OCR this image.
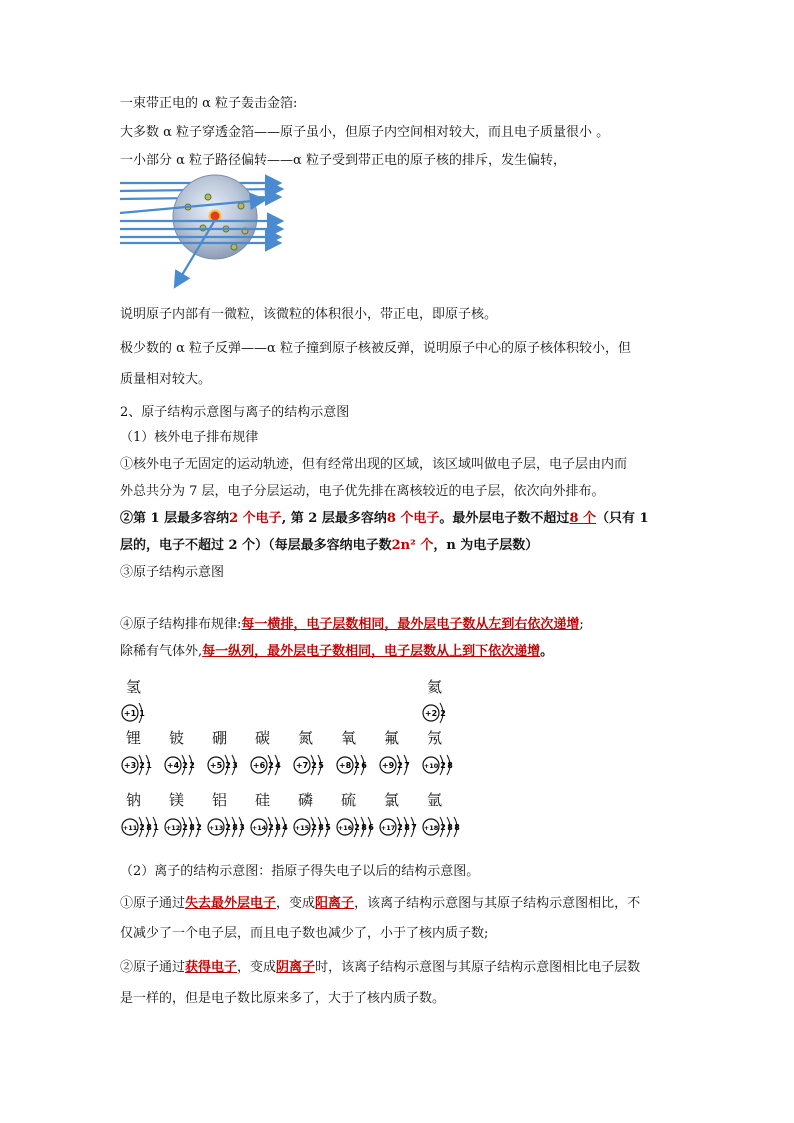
一束带正电的 α 粒子轰击金箔:
大多数 α 粒子穿透金箔——原子虽小，但原子内空间相对较大，而且电子质量很小 。
一小部分 α 粒子路径偏转——α 粒子受到带正电的原子核的排斥，发生偏转，
说明原子内部有一微粒，该微粒的体积很小，带正电，即原子核。
极少数的 α 粒子反弹——α 粒子撞到原子核被反弹，说明原子中心的原子核体积较小，但
质量相对较大。
2、原子结构示意图与离子的结构示意图
（1）核外电子排布规律
①核外电子无固定的运动轨迹，但有经常出现的区域，该区域叫做电子层，电子层由内而
外总共分为 7 层，电子分层运动，电子优先排在离核较近的电子层，依次向外排布。
②第 1 层最多容纳2 个电子, 第 2 层最多容纳8 个电子。最外层电子数不超过8 个（只有 1
层的，电子不超过 2 个）（每层最多容纳电子数2n² 个，n 为电子层数）
③原子结构示意图
④原子结构排布规律:每一横排，电子层数相同，最外层电子数从左到右依次递增;
除稀有气体外,每一纵列，最外层电子数相同，电子层数从上到下依次递增。
氢
+1 1
氦
+2 2
锂
+3 2 1
铍
+4 2 2
硼
+5 2 3
碳
+6 2 4
氮
+7 2 5
氧
+8 2 6
氟
+9 2 7
氖
+10 2 8
钠
+11 2 8 1
镁
+12 2 8 2
铝
+13 2 8 3
硅
+14 2 8 4
磷
+15 2 8 5
硫
+16 2 8 6
氯
+17 2 8 7
氩
+18 2 8 8
（2）离子的结构示意图：指原子得失电子以后的结构示意图。
①原子通过失去最外层电子，变成阳离子，该离子结构示意图与其原子结构示意图相比，不
仅减少了一个电子层，而且电子数也减少了，小于了核内质子数;
②原子通过获得电子，变成阴离子时，该离子结构示意图与其原子结构示意图相比电子层数
是一样的，但是电子数比原来多了，大于了核内质子数。
